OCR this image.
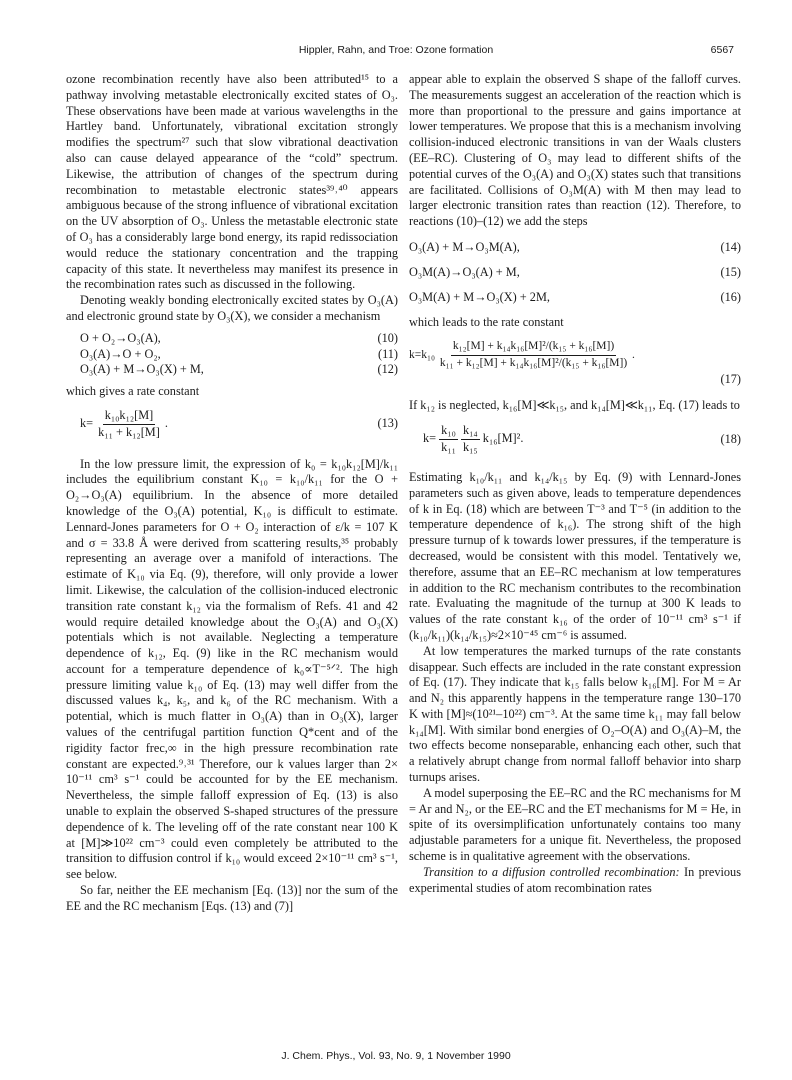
Hippler, Rahn, and Troe: Ozone formation	6567

ozone recombination recently have also been attributed¹⁵ to a pathway involving metastable electronically excited states of O₃. These observations have been made at various wavelengths in the Hartley band. Unfortunately, vibrational excitation strongly modifies the spectrum²⁷ such that slow vibrational deactivation also can cause delayed appearance of the “cold” spectrum. Likewise, the attribution of changes of the spectrum during recombination to metastable electronic states³⁹˒⁴⁰ appears ambiguous because of the strong influence of vibrational excitation on the UV absorption of O₃. Unless the metastable electronic state of O₃ has a considerably large bond energy, its rapid redissociation would reduce the stationary concentration and the trapping capacity of this state. It nevertheless may manifest its presence in the recombination rates such as discussed in the following.

Denoting weakly bonding electronically excited states by O₃(A) and electronic ground state by O₃(X), we consider a mechanism

O + O₂→O₃(A),	(10)
O₃(A)→O + O₂,	(11)
O₃(A) + M→O₃(X) + M,	(12)

which gives a rate constant

$k= \frac{\text{k₁₀k₁₂[M]}}{\text{k₁₁ + k₁₂[M]}}$ .	(13)

In the low pressure limit, the expression of k₀ = k₁₀k₁₂[M]/k₁₁ includes the equilibrium constant K₁₀ = k₁₀/k₁₁ for the O + O₂→O₃(A) equilibrium. In the absence of more detailed knowledge of the O₃(A) potential, K₁₀ is difficult to estimate. Lennard-Jones parameters for O + O₂ interaction of ε/k = 107 K and σ = 33.8 Å were derived from scattering results,³⁵ probably representing an average over a manifold of interactions. The estimate of K₁₀ via Eq. (9), therefore, will only provide a lower limit. Likewise, the calculation of the collision-induced electronic transition rate constant k₁₂ via the formalism of Refs. 41 and 42 would require detailed knowledge about the O₃(A) and O₃(X) potentials which is not available. Neglecting a temperature dependence of k₁₂, Eq. (9) like in the RC mechanism would account for a temperature dependence of k₀∝T⁻⁵ᐟ². The high pressure limiting value k₁₀ of Eq. (13) may well differ from the discussed values k₄, k₅, and k₆ of the RC mechanism. With a potential, which is much flatter in O₃(A) than in O₃(X), larger values of the centrifugal partition function Q*cent and of the rigidity factor frec,∞ in the high pressure recombination rate constant are expected.⁹˒³¹ Therefore, our k values larger than 2× 10⁻¹¹ cm³ s⁻¹ could be accounted for by the EE mechanism. Nevertheless, the simple falloff expression of Eq. (13) is also unable to explain the observed S-shaped structures of the pressure dependence of k. The leveling off of the rate constant near 100 K at [M]≫10²² cm⁻³ could even completely be attributed to the transition to diffusion control if k₁₀ would exceed 2×10⁻¹¹ cm³ s⁻¹, see below.

So far, neither the EE mechanism [Eq. (13)] nor the sum of the EE and the RC mechanism [Eqs. (13) and (7)]

appear able to explain the observed S shape of the falloff curves. The measurements suggest an acceleration of the reaction which is more than proportional to the pressure and gains importance at lower temperatures. We propose that this is a mechanism involving collision-induced electronic transitions in van der Waals clusters (EE–RC). Clustering of O₃ may lead to different shifts of the potential curves of the O₃(A) and O₃(X) states such that transitions are facilitated. Collisions of O₃M(A) with M then may lead to larger electronic transition rates than reaction (12). Therefore, to reactions (10)–(12) we add the steps

O₃(A) + M→O₃M(A),	(14)
O₃M(A)→O₃(A) + M,	(15)
O₃M(A) + M→O₃(X) + 2M,	(16)

which leads to the rate constant

$k=k_{10} \frac{\text{k₁₂[M] + k₁₄k₁₆[M]²/(k₁₅ + k₁₆[M])}}{\text{k₁₁ + k₁₂[M] + k₁₄k₁₆[M]²/(k₁₅ + k₁₆[M])}}$ .
(17)

If k₁₂ is neglected, k₁₆[M]≪k₁₅, and k₁₄[M]≪k₁₁, Eq. (17) leads to

$k= \frac{\text{k₁₀}}{\text{k₁₁}}$
$\frac{\text{k₁₄}}{\text{k₁₅}} k_{16}[M]^2$.	(18)

Estimating k₁₀/k₁₁ and k₁₄/k₁₅ by Eq. (9) with Lennard-Jones parameters such as given above, leads to temperature dependences of k in Eq. (18) which are between T⁻³ and T⁻⁵ (in addition to the temperature dependence of k₁₆). The strong shift of the high pressure turnup of k towards lower pressures, if the temperature is decreased, would be consistent with this model. Tentatively we, therefore, assume that an EE–RC mechanism at low temperatures in addition to the RC mechanism contributes to the recombination rate. Evaluating the magnitude of the turnup at 300 K leads to values of the rate constant k₁₆ of the order of 10⁻¹¹ cm³ s⁻¹ if (k₁₀/k₁₁)(k₁₄/k₁₅)≈2×10⁻⁴⁵ cm⁻⁶ is assumed.

At low temperatures the marked turnups of the rate constants disappear. Such effects are included in the rate constant expression of Eq. (17). They indicate that k₁₅ falls below k₁₆[M]. For M = Ar and N₂ this apparently happens in the temperature range 130–170 K with [M]≈(10²¹–10²²) cm⁻³. At the same time k₁₁ may fall below k₁₄[M]. With similar bond energies of O₂–O(A) and O₃(A)–M, the two effects become nonseparable, enhancing each other, such that a relatively abrupt change from normal falloff behavior into sharp turnups arises.

A model superposing the EE–RC and the RC mechanisms for M = Ar and N₂, or the EE–RC and the ET mechanisms for M = He, in spite of its oversimplification unfortunately contains too many adjustable parameters for a unique fit. Nevertheless, the proposed scheme is in qualitative agreement with the observations.

Transition to a diffusion controlled recombination: In previous experimental studies of atom recombination rates

J. Chem. Phys., Vol. 93, No. 9, 1 November 1990
